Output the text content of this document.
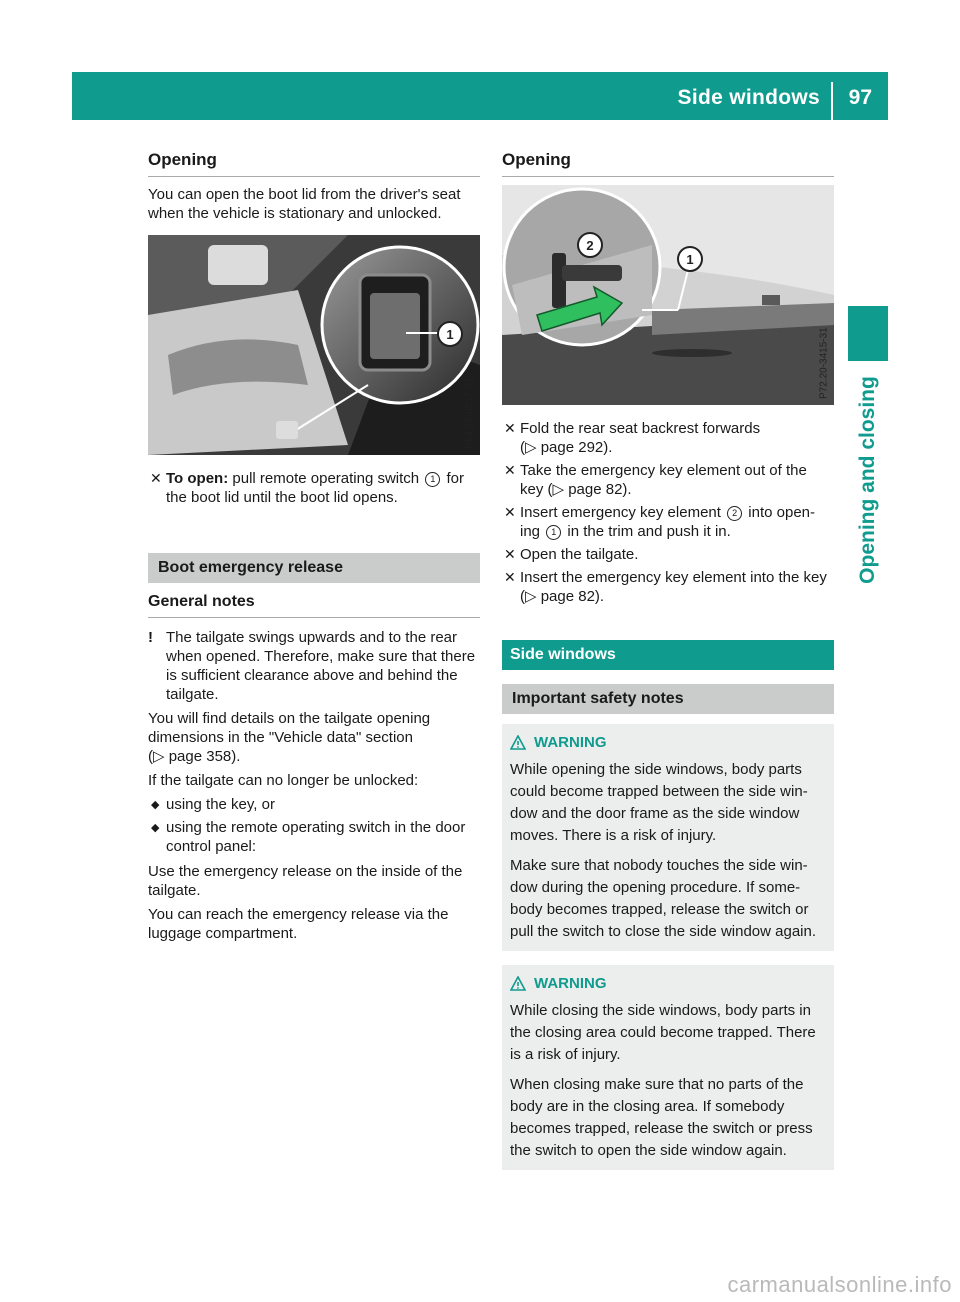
Side windows 97
Opening and closing
Opening

You can open the boot lid from the driver's seat when the vehicle is stationary and unlocked.

1
P54.25-0537-31
✕ To open: pull remote operating switch 1 for the boot lid until the boot lid opens.
Boot emergency release
General notes
! The tailgate swings upwards and to the rear when opened. Therefore, make sure that there is sufficient clearance above and behind the tailgate.

You will find details on the tailgate opening dimensions in the "Vehicle data" section
(▷ page 358).

If the tailgate can no longer be unlocked:

◆ using the key, or
◆ using the remote operating switch in the door control panel:

Use the emergency release on the inside of the tailgate.

You can reach the emergency release via the luggage compartment.

Opening
1
2
P72.20-3415-31
✕ Fold the rear seat backrest forwards
(▷ page 292).
✕ Take the emergency key element out of the key (▷ page 82).
✕ Insert emergency key element 2 into open-ing 1 in the trim and push it in.
✕ Open the tailgate.
✕ Insert the emergency key element into the key
(▷ page 82).
Side windows
Important safety notes
WARNING

While opening the side windows, body parts could become trapped between the side win-dow and the door frame as the side window moves. There is a risk of injury.

Make sure that nobody touches the side win-dow during the opening procedure. If some-body becomes trapped, release the switch or pull the switch to close the side window again.

WARNING

While closing the side windows, body parts in the closing area could become trapped. There is a risk of injury.

When closing make sure that no parts of the body are in the closing area. If somebody becomes trapped, release the switch or press the switch to open the side window again.

carmanualsonline.info
